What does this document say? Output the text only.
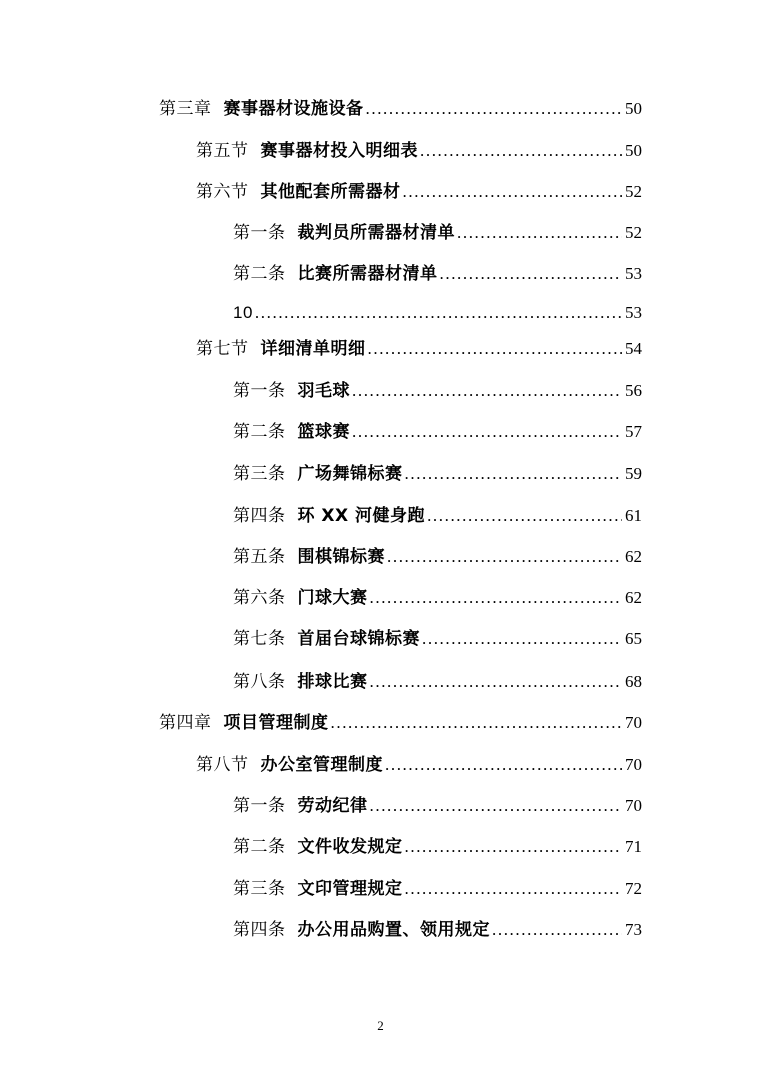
第三章 赛事器材设施设备 .....	50
第五节 赛事器材投入明细表 .....	50
第六节 其他配套所需器材 .....	52
第一条 裁判员所需器材清单 .....	52
第二条 比赛所需器材清单 .....	53
10 .....	53
第七节 详细清单明细 .....	54
第一条 羽毛球 .....	56
第二条 篮球赛 .....	57
第三条 广场舞锦标赛 .....	59
第四条 环 XX 河健身跑 .....	61
第五条 围棋锦标赛 .....	62
第六条 门球大赛 .....	62
第七条 首届台球锦标赛 .....	65
第八条 排球比赛 .....	68
第四章 项目管理制度 .....	70
第八节 办公室管理制度 .....	70
第一条 劳动纪律 .....	70
第二条 文件收发规定 .....	71
第三条 文印管理规定 .....	72
第四条 办公用品购置、领用规定 .....	73
2
